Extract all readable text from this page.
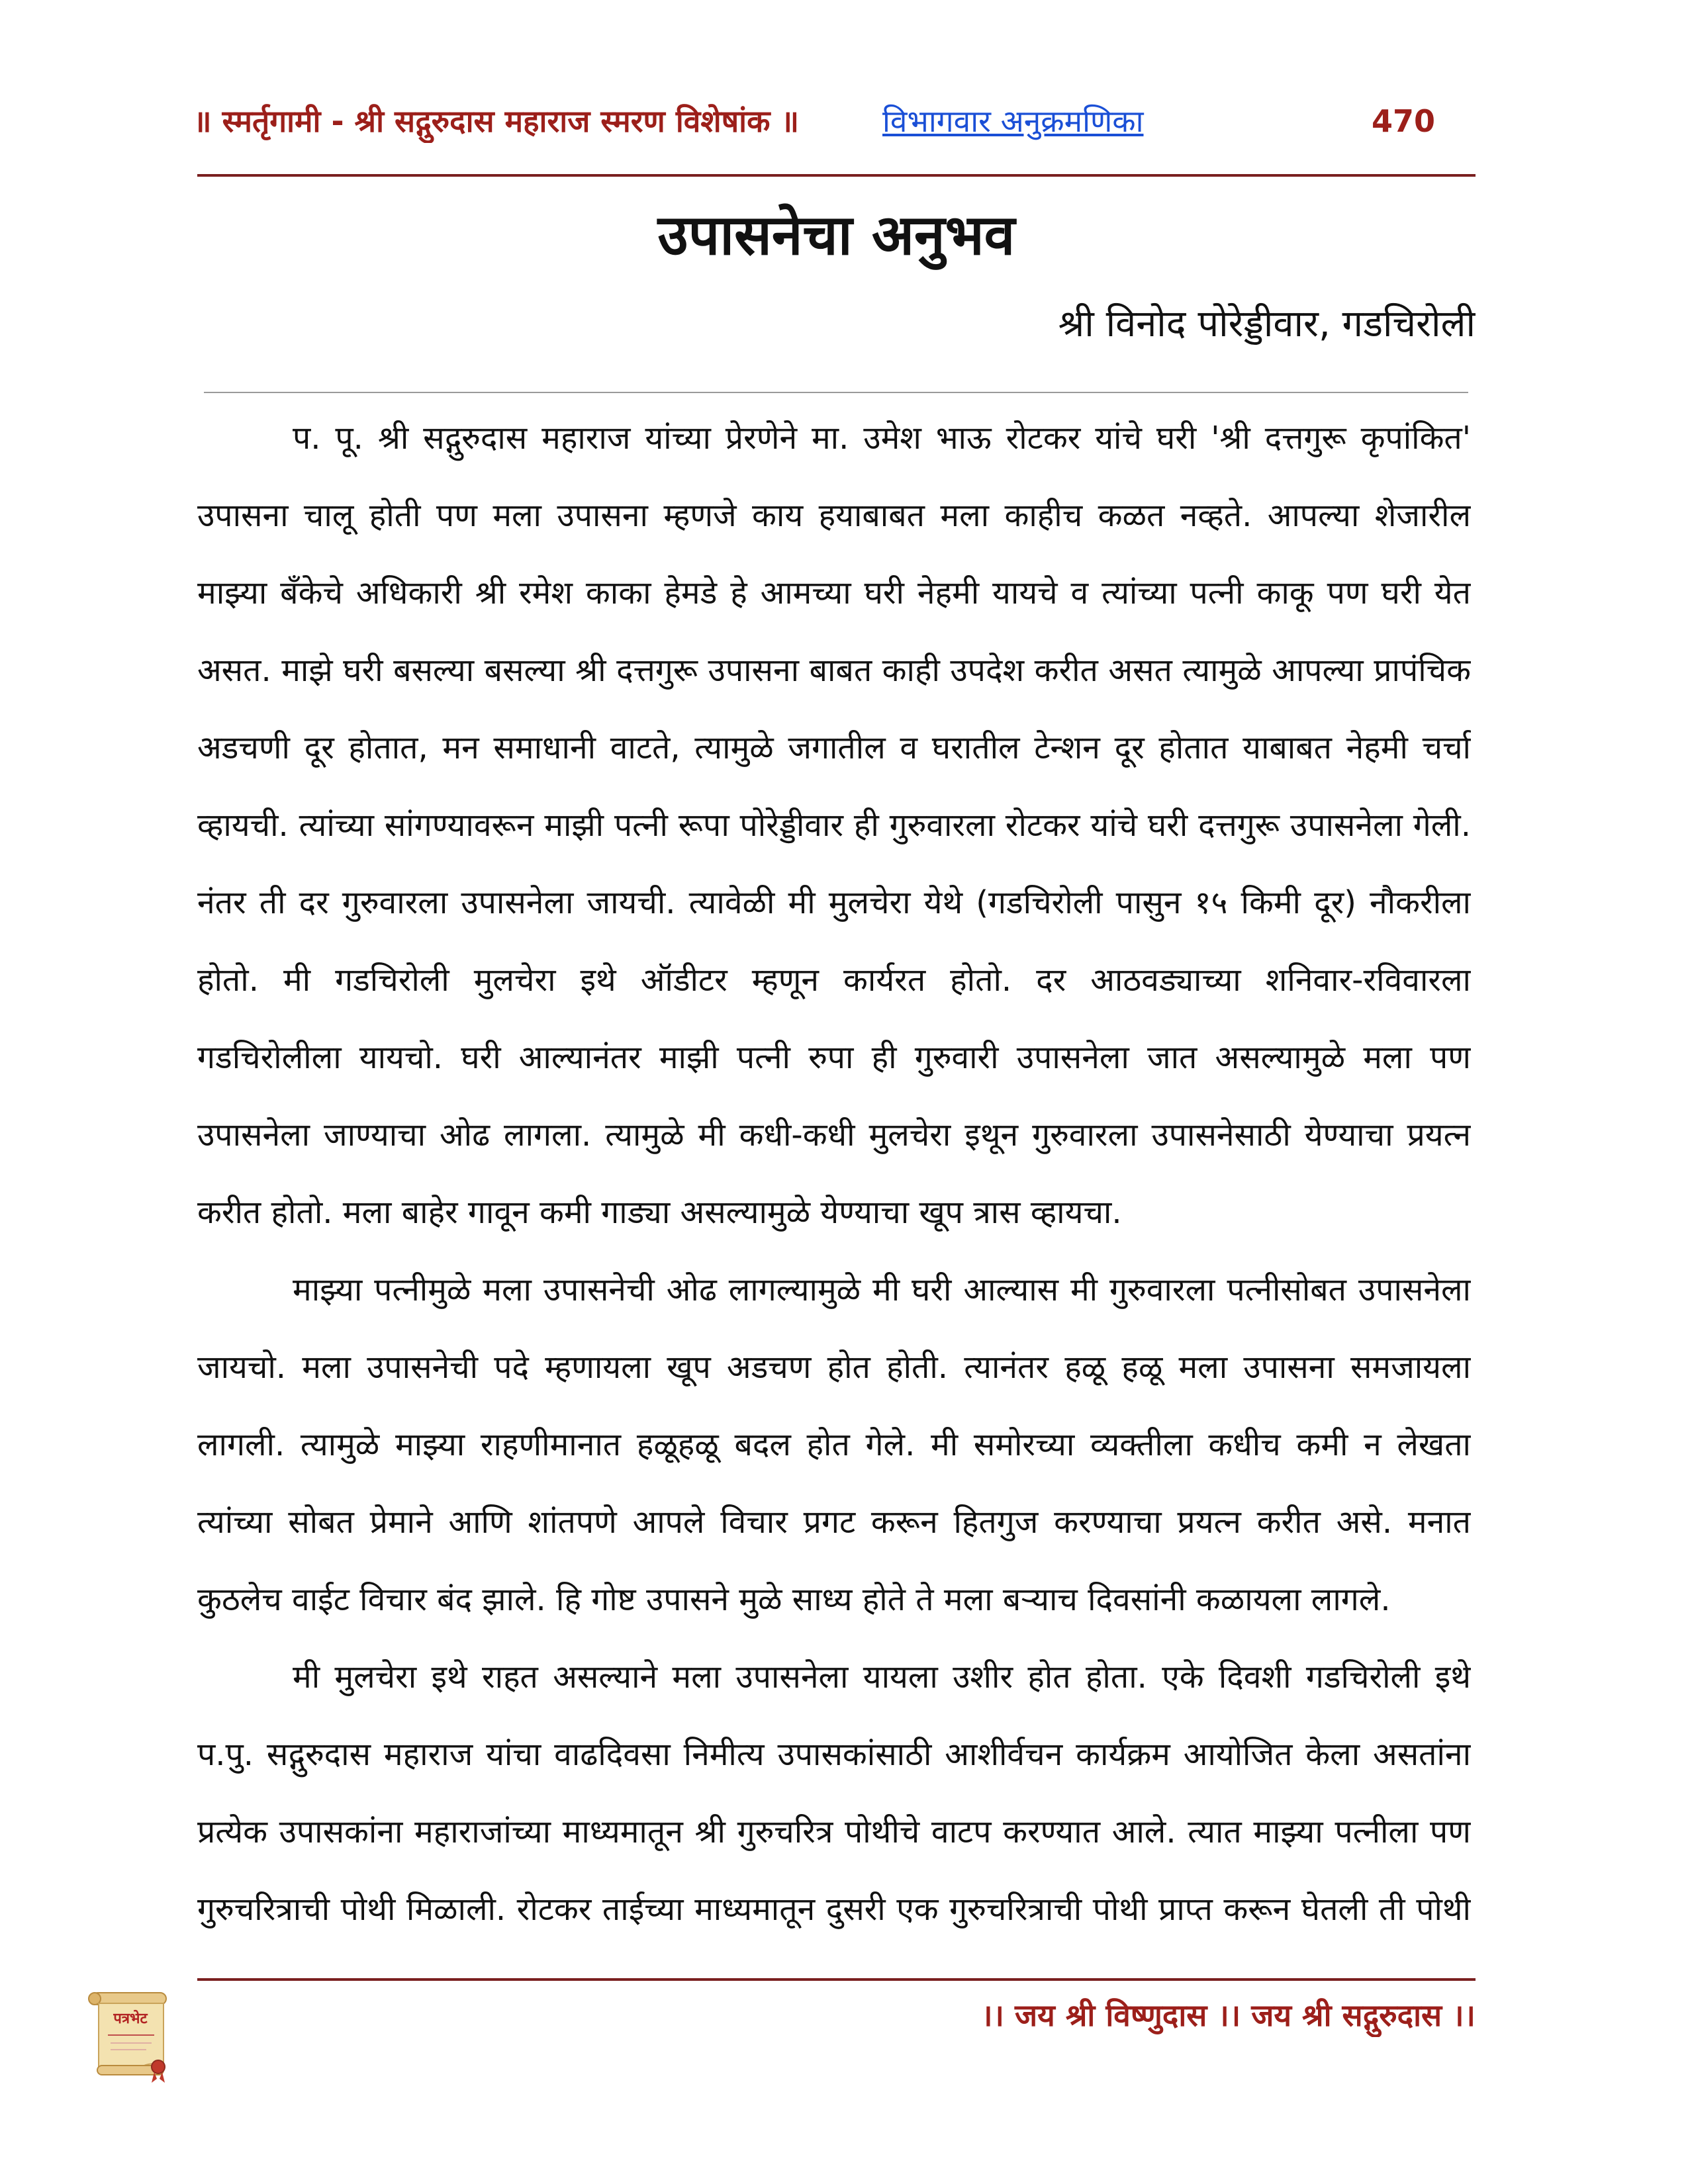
॥ स्मर्तृगामी - श्री सद्गुरुदास महाराज स्मरण विशेषांक ॥	विभागवार अनुक्रमणिका	470
उपासनेचा अनुभव
श्री विनोद पोरेड्डीवार, गडचिरोली
प. पू. श्री सद्गुरुदास महाराज यांच्या प्रेरणेने मा. उमेश भाऊ रोटकर यांचे घरी 'श्री दत्तगुरू कृपांकित'
उपासना चालू होती पण मला उपासना म्हणजे काय हयाबाबत मला काहीच कळत नव्हते. आपल्या शेजारील
माझ्या बँकेचे अधिकारी श्री रमेश काका हेमडे हे आमच्या घरी नेहमी यायचे व त्यांच्या पत्नी काकू पण घरी येत
असत. माझे घरी बसल्या बसल्या श्री दत्तगुरू उपासना बाबत काही उपदेश करीत असत त्यामुळे आपल्या प्रापंचिक
अडचणी दूर होतात, मन समाधानी वाटते, त्यामुळे जगातील व घरातील टेन्शन दूर होतात याबाबत नेहमी चर्चा
व्हायची. त्यांच्या सांगण्यावरून माझी पत्नी रूपा पोरेड्डीवार ही गुरुवारला रोटकर यांचे घरी दत्तगुरू उपासनेला गेली.
नंतर ती दर गुरुवारला उपासनेला जायची. त्यावेळी मी मुलचेरा येथे (गडचिरोली पासुन १५ किमी दूर) नौकरीला
होतो. मी गडचिरोली मुलचेरा इथे ऑडीटर म्हणून कार्यरत होतो. दर आठवड्याच्या शनिवार-रविवारला
गडचिरोलीला यायचो. घरी आल्यानंतर माझी पत्नी रुपा ही गुरुवारी उपासनेला जात असल्यामुळे मला पण
उपासनेला जाण्याचा ओढ लागला. त्यामुळे मी कधी-कधी मुलचेरा इथून गुरुवारला उपासनेसाठी येण्याचा प्रयत्न
करीत होतो. मला बाहेर गावून कमी गाड्या असल्यामुळे येण्याचा खूप त्रास व्हायचा.
माझ्या पत्नीमुळे मला उपासनेची ओढ लागल्यामुळे मी घरी आल्यास मी गुरुवारला पत्नीसोबत उपासनेला
जायचो. मला उपासनेची पदे म्हणायला खूप अडचण होत होती. त्यानंतर हळू हळू मला उपासना समजायला
लागली. त्यामुळे माझ्या राहणीमानात हळूहळू बदल होत गेले. मी समोरच्या व्यक्तीला कधीच कमी न लेखता
त्यांच्या सोबत प्रेमाने आणि शांतपणे आपले विचार प्रगट करून हितगुज करण्याचा प्रयत्न करीत असे. मनात
कुठलेच वाईट विचार बंद झाले. हि गोष्ट उपासने मुळे साध्य होते ते मला बऱ्याच दिवसांनी कळायला लागले.
मी मुलचेरा इथे राहत असल्याने मला उपासनेला यायला उशीर होत होता. एके दिवशी गडचिरोली इथे
प.पु. सद्गुरुदास महाराज यांचा वाढदिवसा निमीत्य उपासकांसाठी आशीर्वचन कार्यक्रम आयोजित केला असतांना
प्रत्येक उपासकांना महाराजांच्या माध्यमातून श्री गुरुचरित्र पोथीचे वाटप करण्यात आले. त्यात माझ्या पत्नीला पण
गुरुचरित्राची पोथी मिळाली. रोटकर ताईच्या माध्यमातून दुसरी एक गुरुचरित्राची पोथी प्राप्त करून घेतली ती पोथी
।। जय श्री विष्णुदास ।। जय श्री सद्गुरुदास ।।
पत्रभेट
